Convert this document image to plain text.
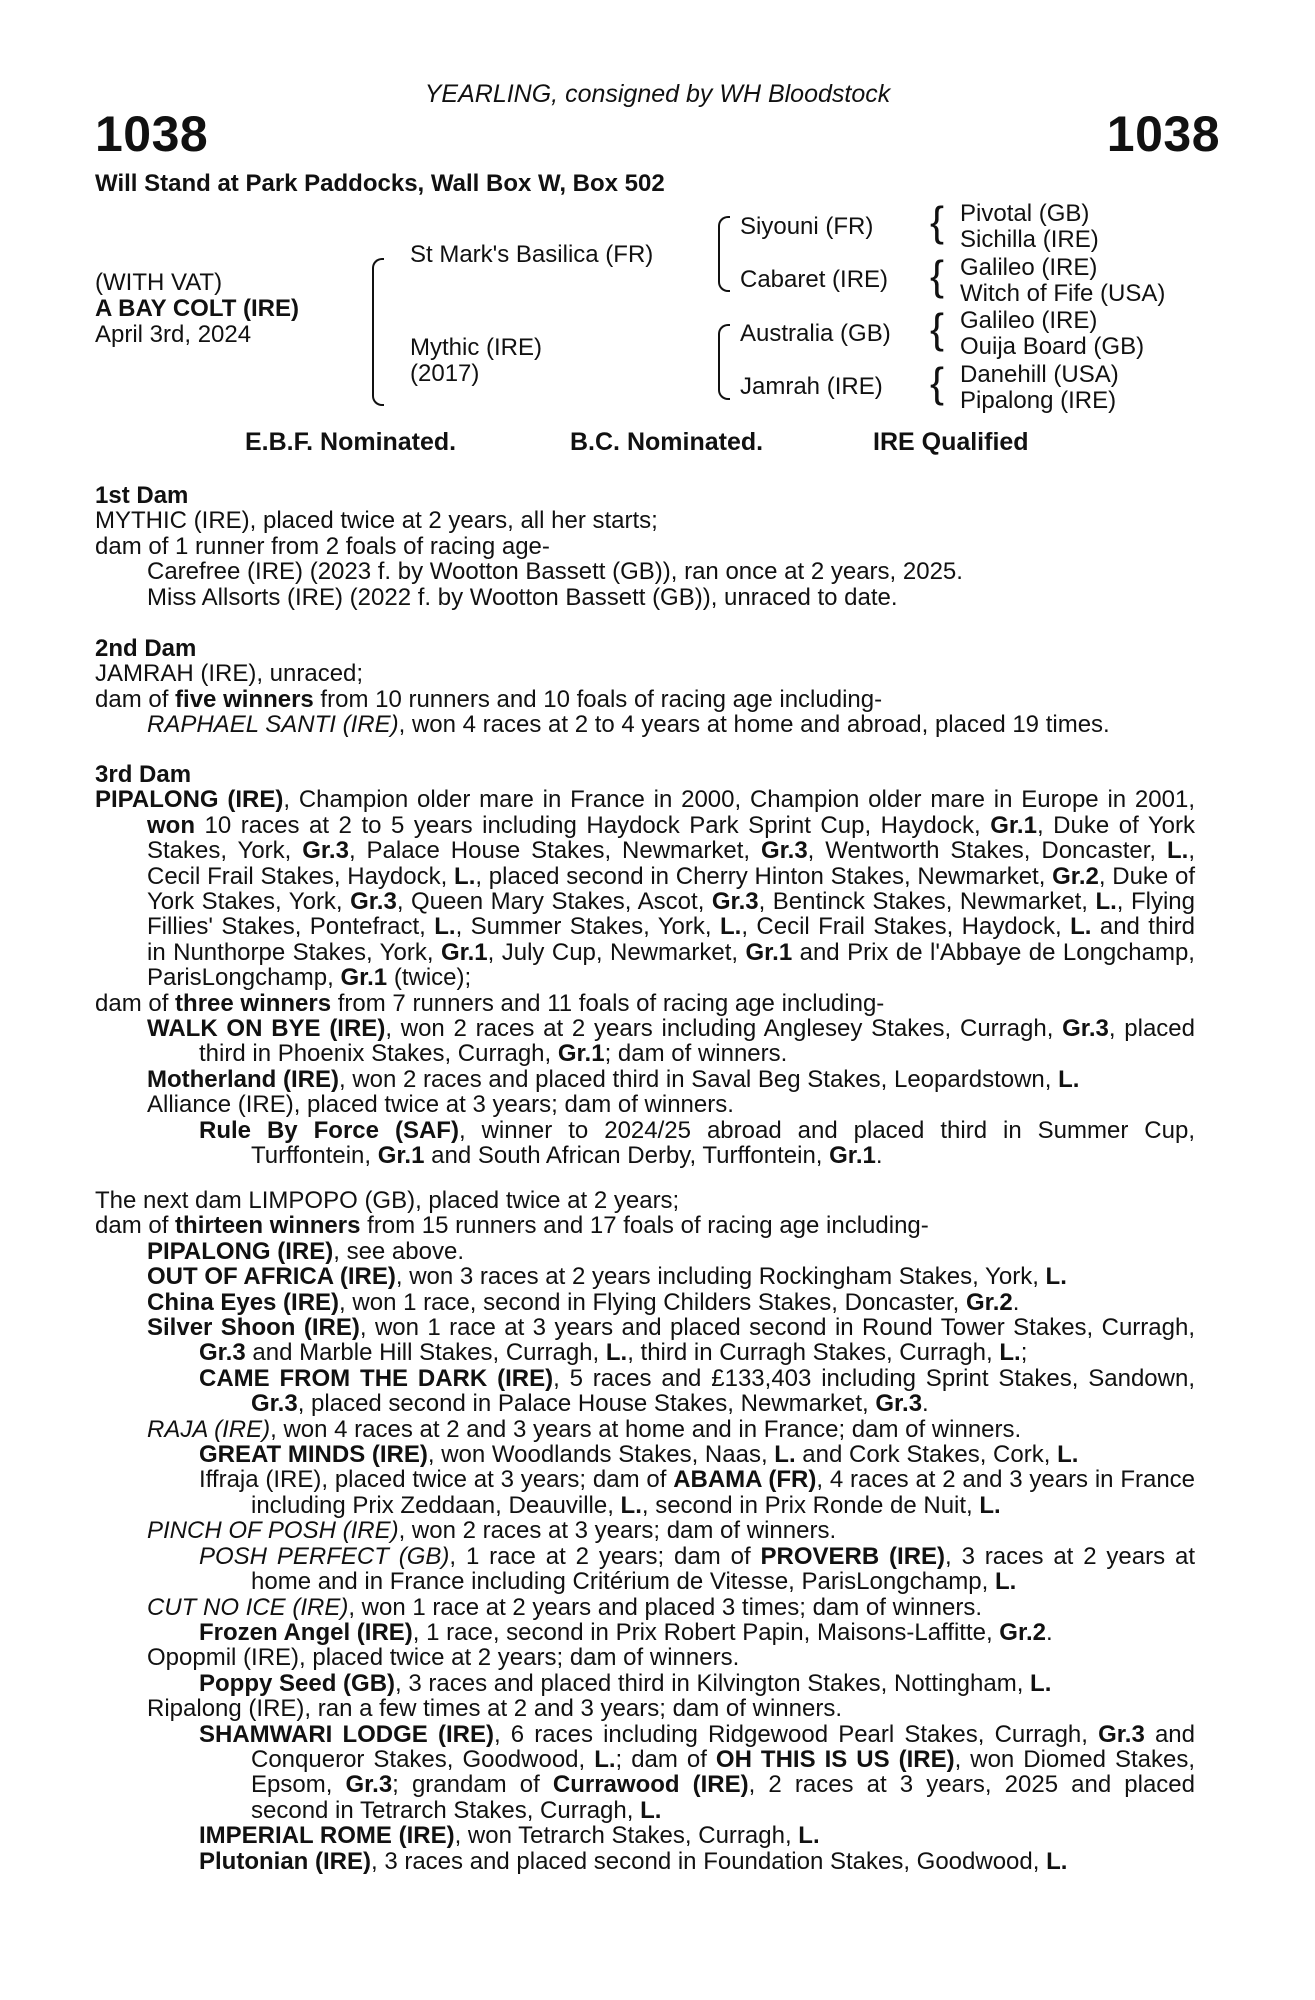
YEARLING, consigned by WH Bloodstock
1038	1038
Will Stand at Park Paddocks, Wall Box W, Box 502
(WITH VAT)
A BAY COLT (IRE)
April 3rd, 2024
St Mark's Basilica (FR)
Mythic (IRE)
(2017)
Siyouni (FR)
Cabaret (IRE)
Australia (GB)
Jamrah (IRE)
{
{
{
{
Pivotal (GB)
Sichilla (IRE)
Galileo (IRE)
Witch of Fife (USA)
Galileo (IRE)
Ouija Board (GB)
Danehill (USA)
Pipalong (IRE)
E.B.F. Nominated.	B.C. Nominated.	IRE Qualified
1st Dam

MYTHIC (IRE), placed twice at 2 years, all her starts;

dam of 1 runner from 2 foals of racing age-

Carefree (IRE) (2023 f. by Wootton Bassett (GB)), ran once at 2 years, 2025.

Miss Allsorts (IRE) (2022 f. by Wootton Bassett (GB)), unraced to date.

2nd Dam

JAMRAH (IRE), unraced;

dam of five winners from 10 runners and 10 foals of racing age including-

RAPHAEL SANTI (IRE), won 4 races at 2 to 4 years at home and abroad, placed 19 times.

3rd Dam

PIPALONG (IRE), Champion older mare in France in 2000, Champion older mare in Europe in 2001, won 10 races at 2 to 5 years including Haydock Park Sprint Cup, Haydock, Gr.1, Duke of York Stakes, York, Gr.3, Palace House Stakes, Newmarket, Gr.3, Wentworth Stakes, Doncaster, L., Cecil Frail Stakes, Haydock, L., placed second in Cherry Hinton Stakes, Newmarket, Gr.2, Duke of York Stakes, York, Gr.3, Queen Mary Stakes, Ascot, Gr.3, Bentinck Stakes, Newmarket, L., Flying Fillies' Stakes, Pontefract, L., Summer Stakes, York, L., Cecil Frail Stakes, Haydock, L. and third in Nunthorpe Stakes, York, Gr.1, July Cup, Newmarket, Gr.1 and Prix de l'Abbaye de Longchamp, ParisLongchamp, Gr.1 (twice);

dam of three winners from 7 runners and 11 foals of racing age including-

WALK ON BYE (IRE), won 2 races at 2 years including Anglesey Stakes, Curragh, Gr.3, placed third in Phoenix Stakes, Curragh, Gr.1; dam of winners.

Motherland (IRE), won 2 races and placed third in Saval Beg Stakes, Leopardstown, L.

Alliance (IRE), placed twice at 3 years; dam of winners.

Rule By Force (SAF), winner to 2024/25 abroad and placed third in Summer Cup, Turffontein, Gr.1 and South African Derby, Turffontein, Gr.1.

The next dam LIMPOPO (GB), placed twice at 2 years;

dam of thirteen winners from 15 runners and 17 foals of racing age including-

PIPALONG (IRE), see above.

OUT OF AFRICA (IRE), won 3 races at 2 years including Rockingham Stakes, York, L.

China Eyes (IRE), won 1 race, second in Flying Childers Stakes, Doncaster, Gr.2.

Silver Shoon (IRE), won 1 race at 3 years and placed second in Round Tower Stakes, Curragh, Gr.3 and Marble Hill Stakes, Curragh, L., third in Curragh Stakes, Curragh, L.;

CAME FROM THE DARK (IRE), 5 races and £133,403 including Sprint Stakes, Sandown, Gr.3, placed second in Palace House Stakes, Newmarket, Gr.3.

RAJA (IRE), won 4 races at 2 and 3 years at home and in France; dam of winners.

GREAT MINDS (IRE), won Woodlands Stakes, Naas, L. and Cork Stakes, Cork, L.

Iffraja (IRE), placed twice at 3 years; dam of ABAMA (FR), 4 races at 2 and 3 years in France including Prix Zeddaan, Deauville, L., second in Prix Ronde de Nuit, L.

PINCH OF POSH (IRE), won 2 races at 3 years; dam of winners.

POSH PERFECT (GB), 1 race at 2 years; dam of PROVERB (IRE), 3 races at 2 years at home and in France including Critérium de Vitesse, ParisLongchamp, L.

CUT NO ICE (IRE), won 1 race at 2 years and placed 3 times; dam of winners.

Frozen Angel (IRE), 1 race, second in Prix Robert Papin, Maisons-Laffitte, Gr.2.

Opopmil (IRE), placed twice at 2 years; dam of winners.

Poppy Seed (GB), 3 races and placed third in Kilvington Stakes, Nottingham, L.

Ripalong (IRE), ran a few times at 2 and 3 years; dam of winners.

SHAMWARI LODGE (IRE), 6 races including Ridgewood Pearl Stakes, Curragh, Gr.3 and Conqueror Stakes, Goodwood, L.; dam of OH THIS IS US (IRE), won Diomed Stakes, Epsom, Gr.3; grandam of Currawood (IRE), 2 races at 3 years, 2025 and placed second in Tetrarch Stakes, Curragh, L.

IMPERIAL ROME (IRE), won Tetrarch Stakes, Curragh, L.

Plutonian (IRE), 3 races and placed second in Foundation Stakes, Goodwood, L.
